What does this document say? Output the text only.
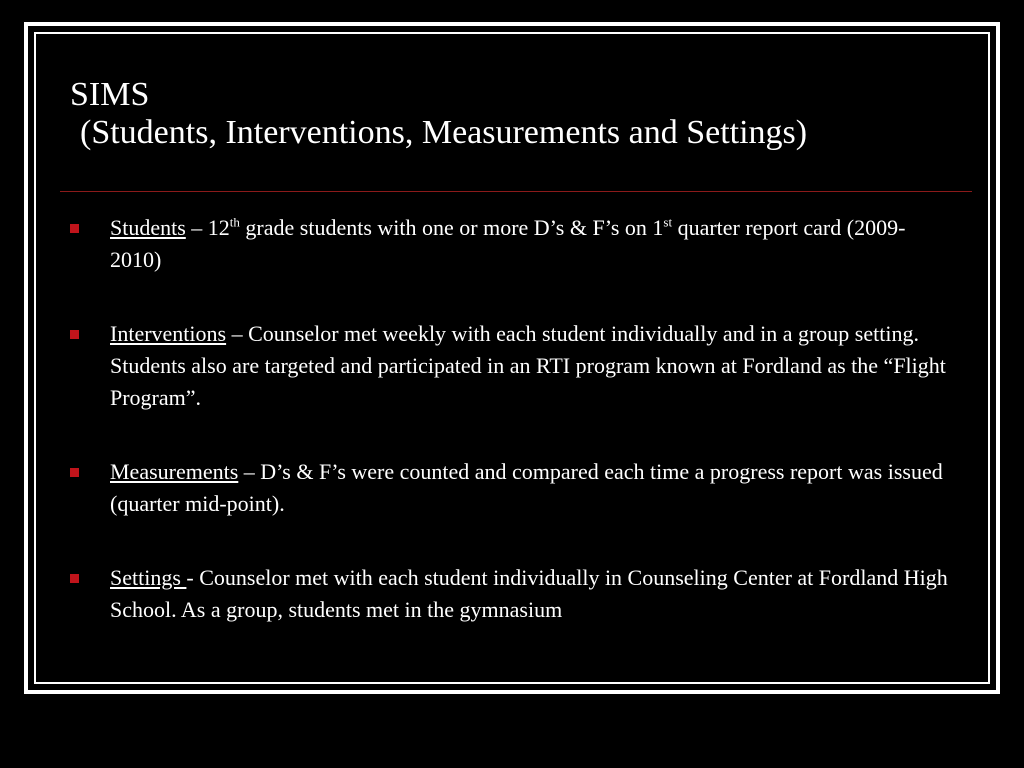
SIMS
(Students, Interventions, Measurements and Settings)
Students – 12th grade students with one or more D’s & F’s on 1st quarter report card (2009-2010)
Interventions – Counselor met weekly with each student individually and in a group setting. Students also are targeted and participated in an RTI program known at Fordland as the “Flight Program”.
Measurements – D’s & F’s were counted and compared each time a progress report was issued (quarter mid-point).
Settings - Counselor met with each student individually in Counseling Center at Fordland High School. As a group, students met in the gymnasium
